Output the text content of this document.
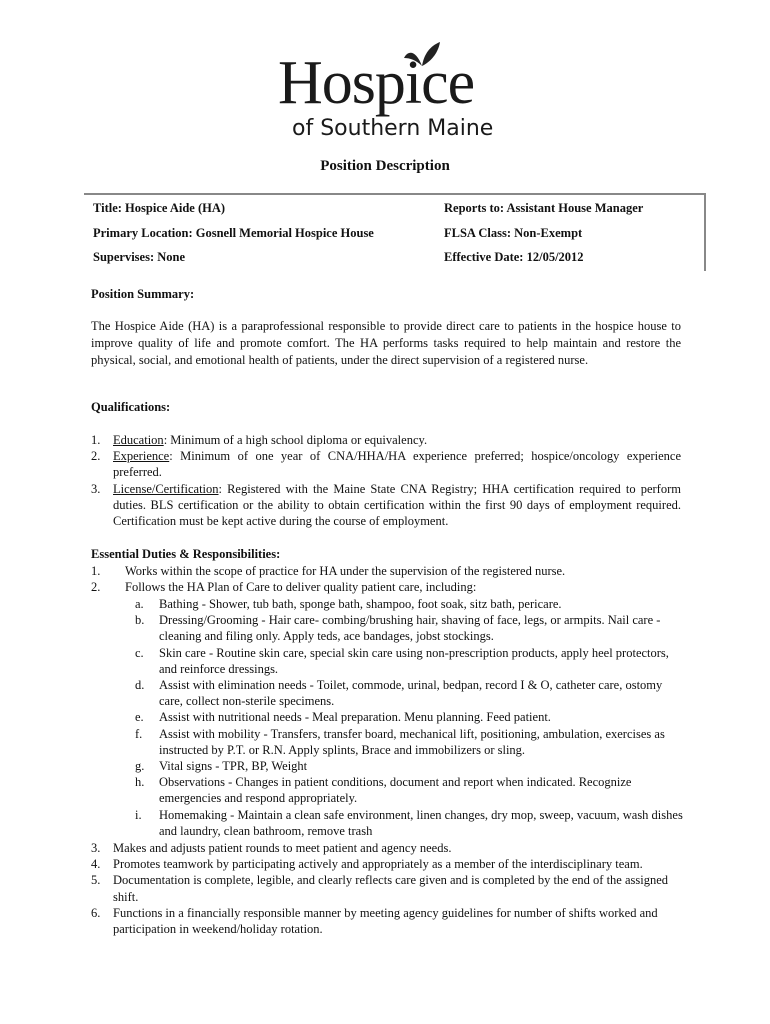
Hospice
of Southern Maine
Position Description
Title: Hospice Aide (HA)	Reports to: Assistant House Manager
Primary Location: Gosnell Memorial Hospice House	FLSA Class: Non-Exempt
Supervises: None	Effective Date: 12/05/2012
Position Summary:
The Hospice Aide (HA) is a paraprofessional responsible to provide direct care to patients in the hospice house to improve quality of life and promote comfort. The HA performs tasks required to help maintain and restore the physical, social, and emotional health of patients, under the direct supervision of a registered nurse.
Qualifications:
1. Education: Minimum of a high school diploma or equivalency.
2. Experience: Minimum of one year of CNA/HHA/HA experience preferred; hospice/oncology experience preferred.
3. License/Certification: Registered with the Maine State CNA Registry; HHA certification required to perform duties. BLS certification or the ability to obtain certification within the first 90 days of employment required. Certification must be kept active during the course of employment.
Essential Duties & Responsibilities:
1. Works within the scope of practice for HA under the supervision of the registered nurse.
2. Follows the HA Plan of Care to deliver quality patient care, including:
a. Bathing - Shower, tub bath, sponge bath, shampoo, foot soak, sitz bath, pericare.
b. Dressing/Grooming - Hair care- combing/brushing hair, shaving of face, legs, or armpits. Nail care - cleaning and filing only. Apply teds, ace bandages, jobst stockings.
c. Skin care - Routine skin care, special skin care using non-prescription products, apply heel protectors, and reinforce dressings.
d. Assist with elimination needs - Toilet, commode, urinal, bedpan, record I & O, catheter care, ostomy care, collect non-sterile specimens.
e. Assist with nutritional needs - Meal preparation. Menu planning. Feed patient.
f. Assist with mobility - Transfers, transfer board, mechanical lift, positioning, ambulation, exercises as instructed by P.T. or R.N. Apply splints, Brace and immobilizers or sling.
g. Vital signs - TPR, BP, Weight
h. Observations - Changes in patient conditions, document and report when indicated. Recognize emergencies and respond appropriately.
i. Homemaking - Maintain a clean safe environment, linen changes, dry mop, sweep, vacuum, wash dishes and laundry, clean bathroom, remove trash
3. Makes and adjusts patient rounds to meet patient and agency needs.
4. Promotes teamwork by participating actively and appropriately as a member of the interdisciplinary team.
5. Documentation is complete, legible, and clearly reflects care given and is completed by the end of the assigned shift.
6. Functions in a financially responsible manner by meeting agency guidelines for number of shifts worked and participation in weekend/holiday rotation.
